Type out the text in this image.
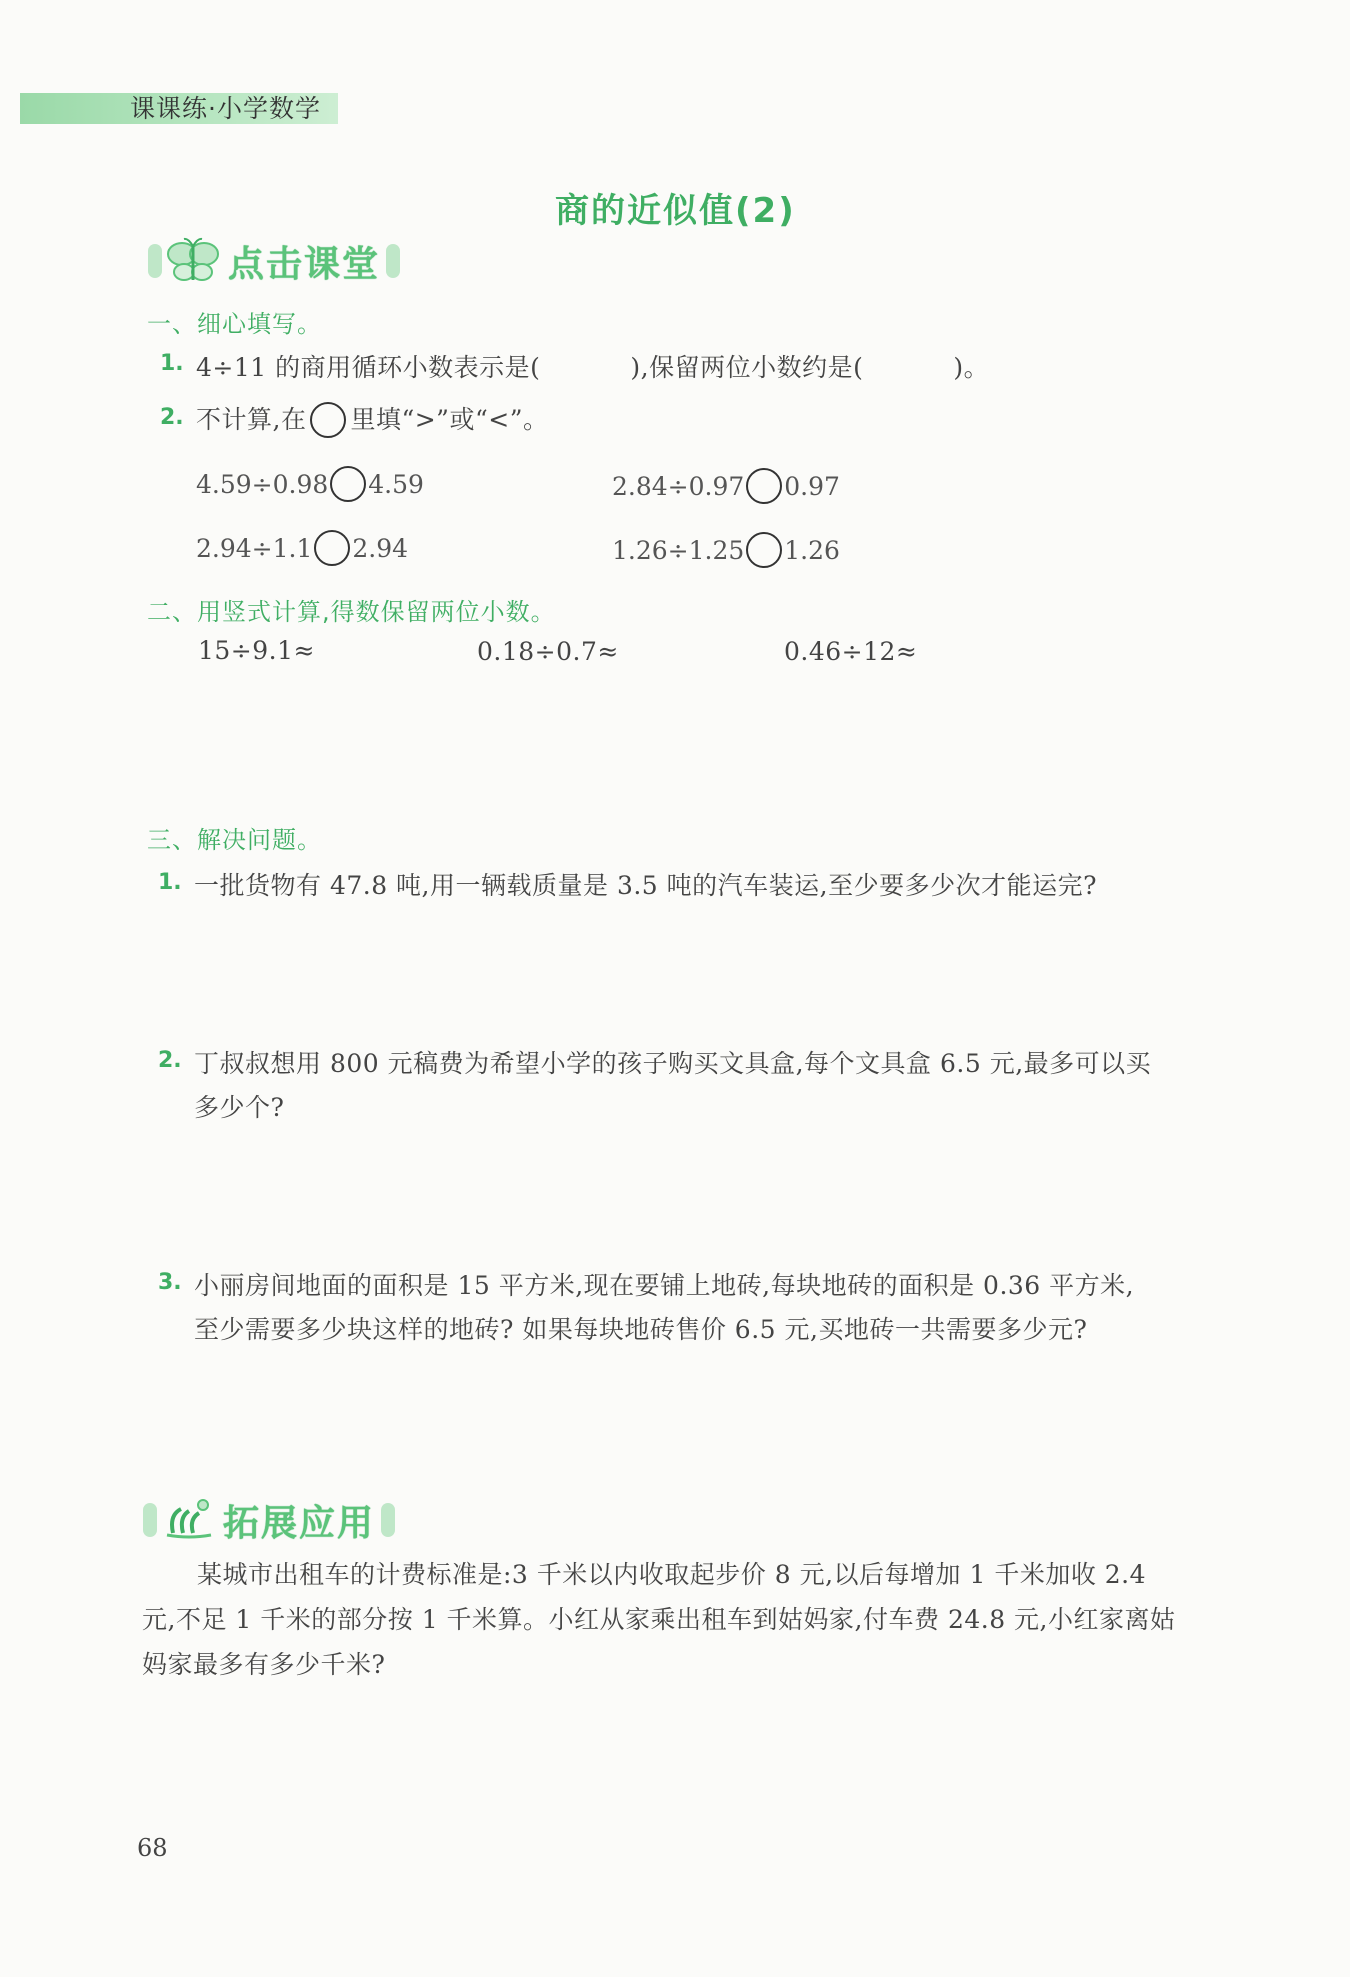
课课练·小学数学
商的近似值(2)
点击课堂
一、细心填写。
1. 4÷11 的商用循环小数表示是(	),保留两位小数约是(	)。
2. 不计算,在 里填“>”或“<”。
4.59÷0.98 4.59	2.84÷0.97 0.97
2.94÷1.1 2.94	1.26÷1.25 1.26
二、用竖式计算,得数保留两位小数。
15÷9.1≈	0.18÷0.7≈	0.46÷12≈
三、解决问题。
1. 一批货物有 47.8 吨,用一辆载质量是 3.5 吨的汽车装运,至少要多少次才能运完?
2. 丁叔叔想用 800 元稿费为希望小学的孩子购买文具盒,每个文具盒 6.5 元,最多可以买
多少个?
3. 小丽房间地面的面积是 15 平方米,现在要铺上地砖,每块地砖的面积是 0.36 平方米,
至少需要多少块这样的地砖? 如果每块地砖售价 6.5 元,买地砖一共需要多少元?
拓展应用
某城市出租车的计费标准是:3 千米以内收取起步价 8 元,以后每增加 1 千米加收 2.4
元,不足 1 千米的部分按 1 千米算。小红从家乘出租车到姑妈家,付车费 24.8 元,小红家离姑
妈家最多有多少千米?
68
